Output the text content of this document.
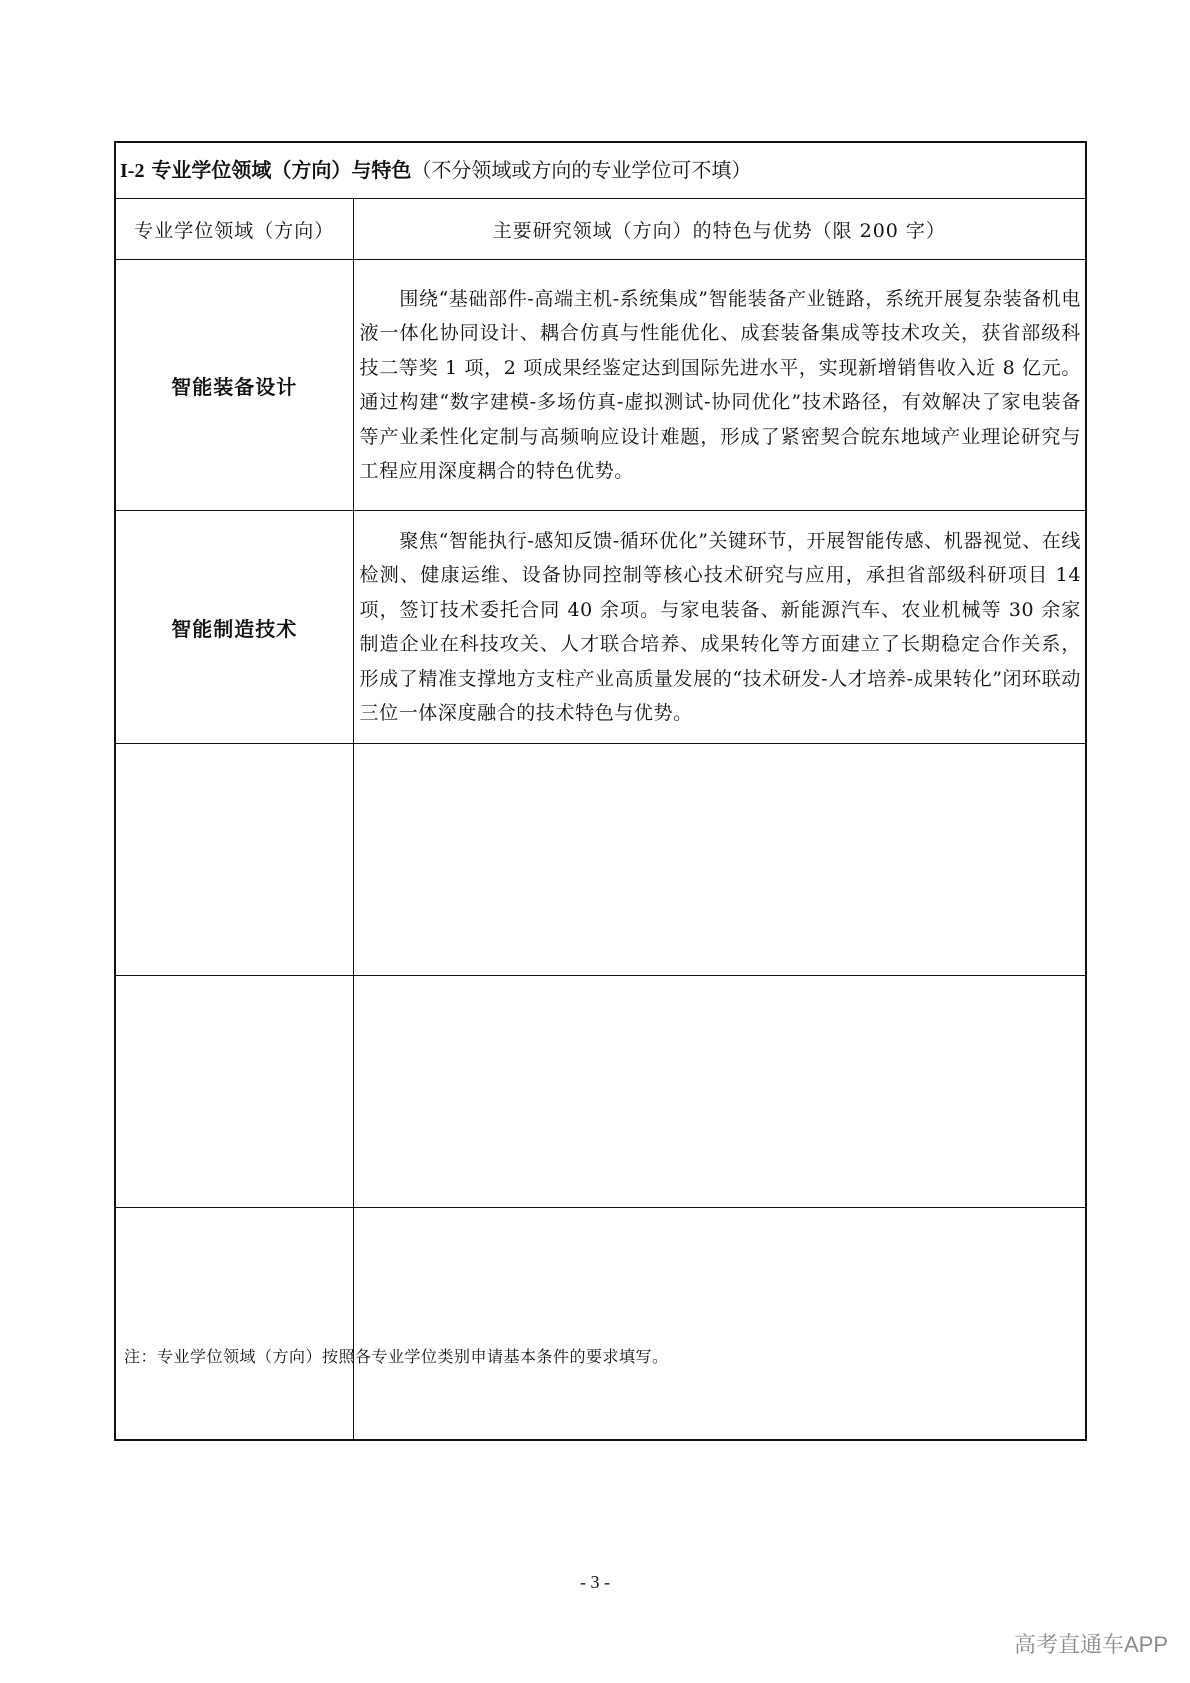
I-2 专业学位领域（方向）与特色（不分领域或方向的专业学位可不填）	
专业学位领域（方向）	主要研究领域（方向）的特色与优势（限 200 字）
智能装备设计	围绕“基础部件-高端主机-系统集成”智能装备产业链路，系统开展复杂装备机电液一体化协同设计、耦合仿真与性能优化、成套装备集成等技术攻关，获省部级科技二等奖 1 项，2 项成果经鉴定达到国际先进水平，实现新增销售收入近 8 亿元。通过构建“数字建模-多场仿真-虚拟测试-协同优化”技术路径，有效解决了家电装备等产业柔性化定制与高频响应设计难题，形成了紧密契合皖东地域产业理论研究与工程应用深度耦合的特色优势。

智能制造技术	聚焦“智能执行-感知反馈-循环优化”关键环节，开展智能传感、机器视觉、在线检测、健康运维、设备协同控制等核心技术研究与应用，承担省部级科研项目 14 项，签订技术委托合同 40 余项。与家电装备、新能源汽车、农业机械等 30 余家制造企业在科技攻关、人才联合培养、成果转化等方面建立了长期稳定合作关系，形成了精准支撑地方支柱产业高质量发展的“技术研发-人才培养-成果转化”闭环联动三位一体深度融合的技术特色与优势。

注：专业学位领域（方向）按照各专业学位类别申请基本条件的要求填写。
- 3 -
高考直通车APP
